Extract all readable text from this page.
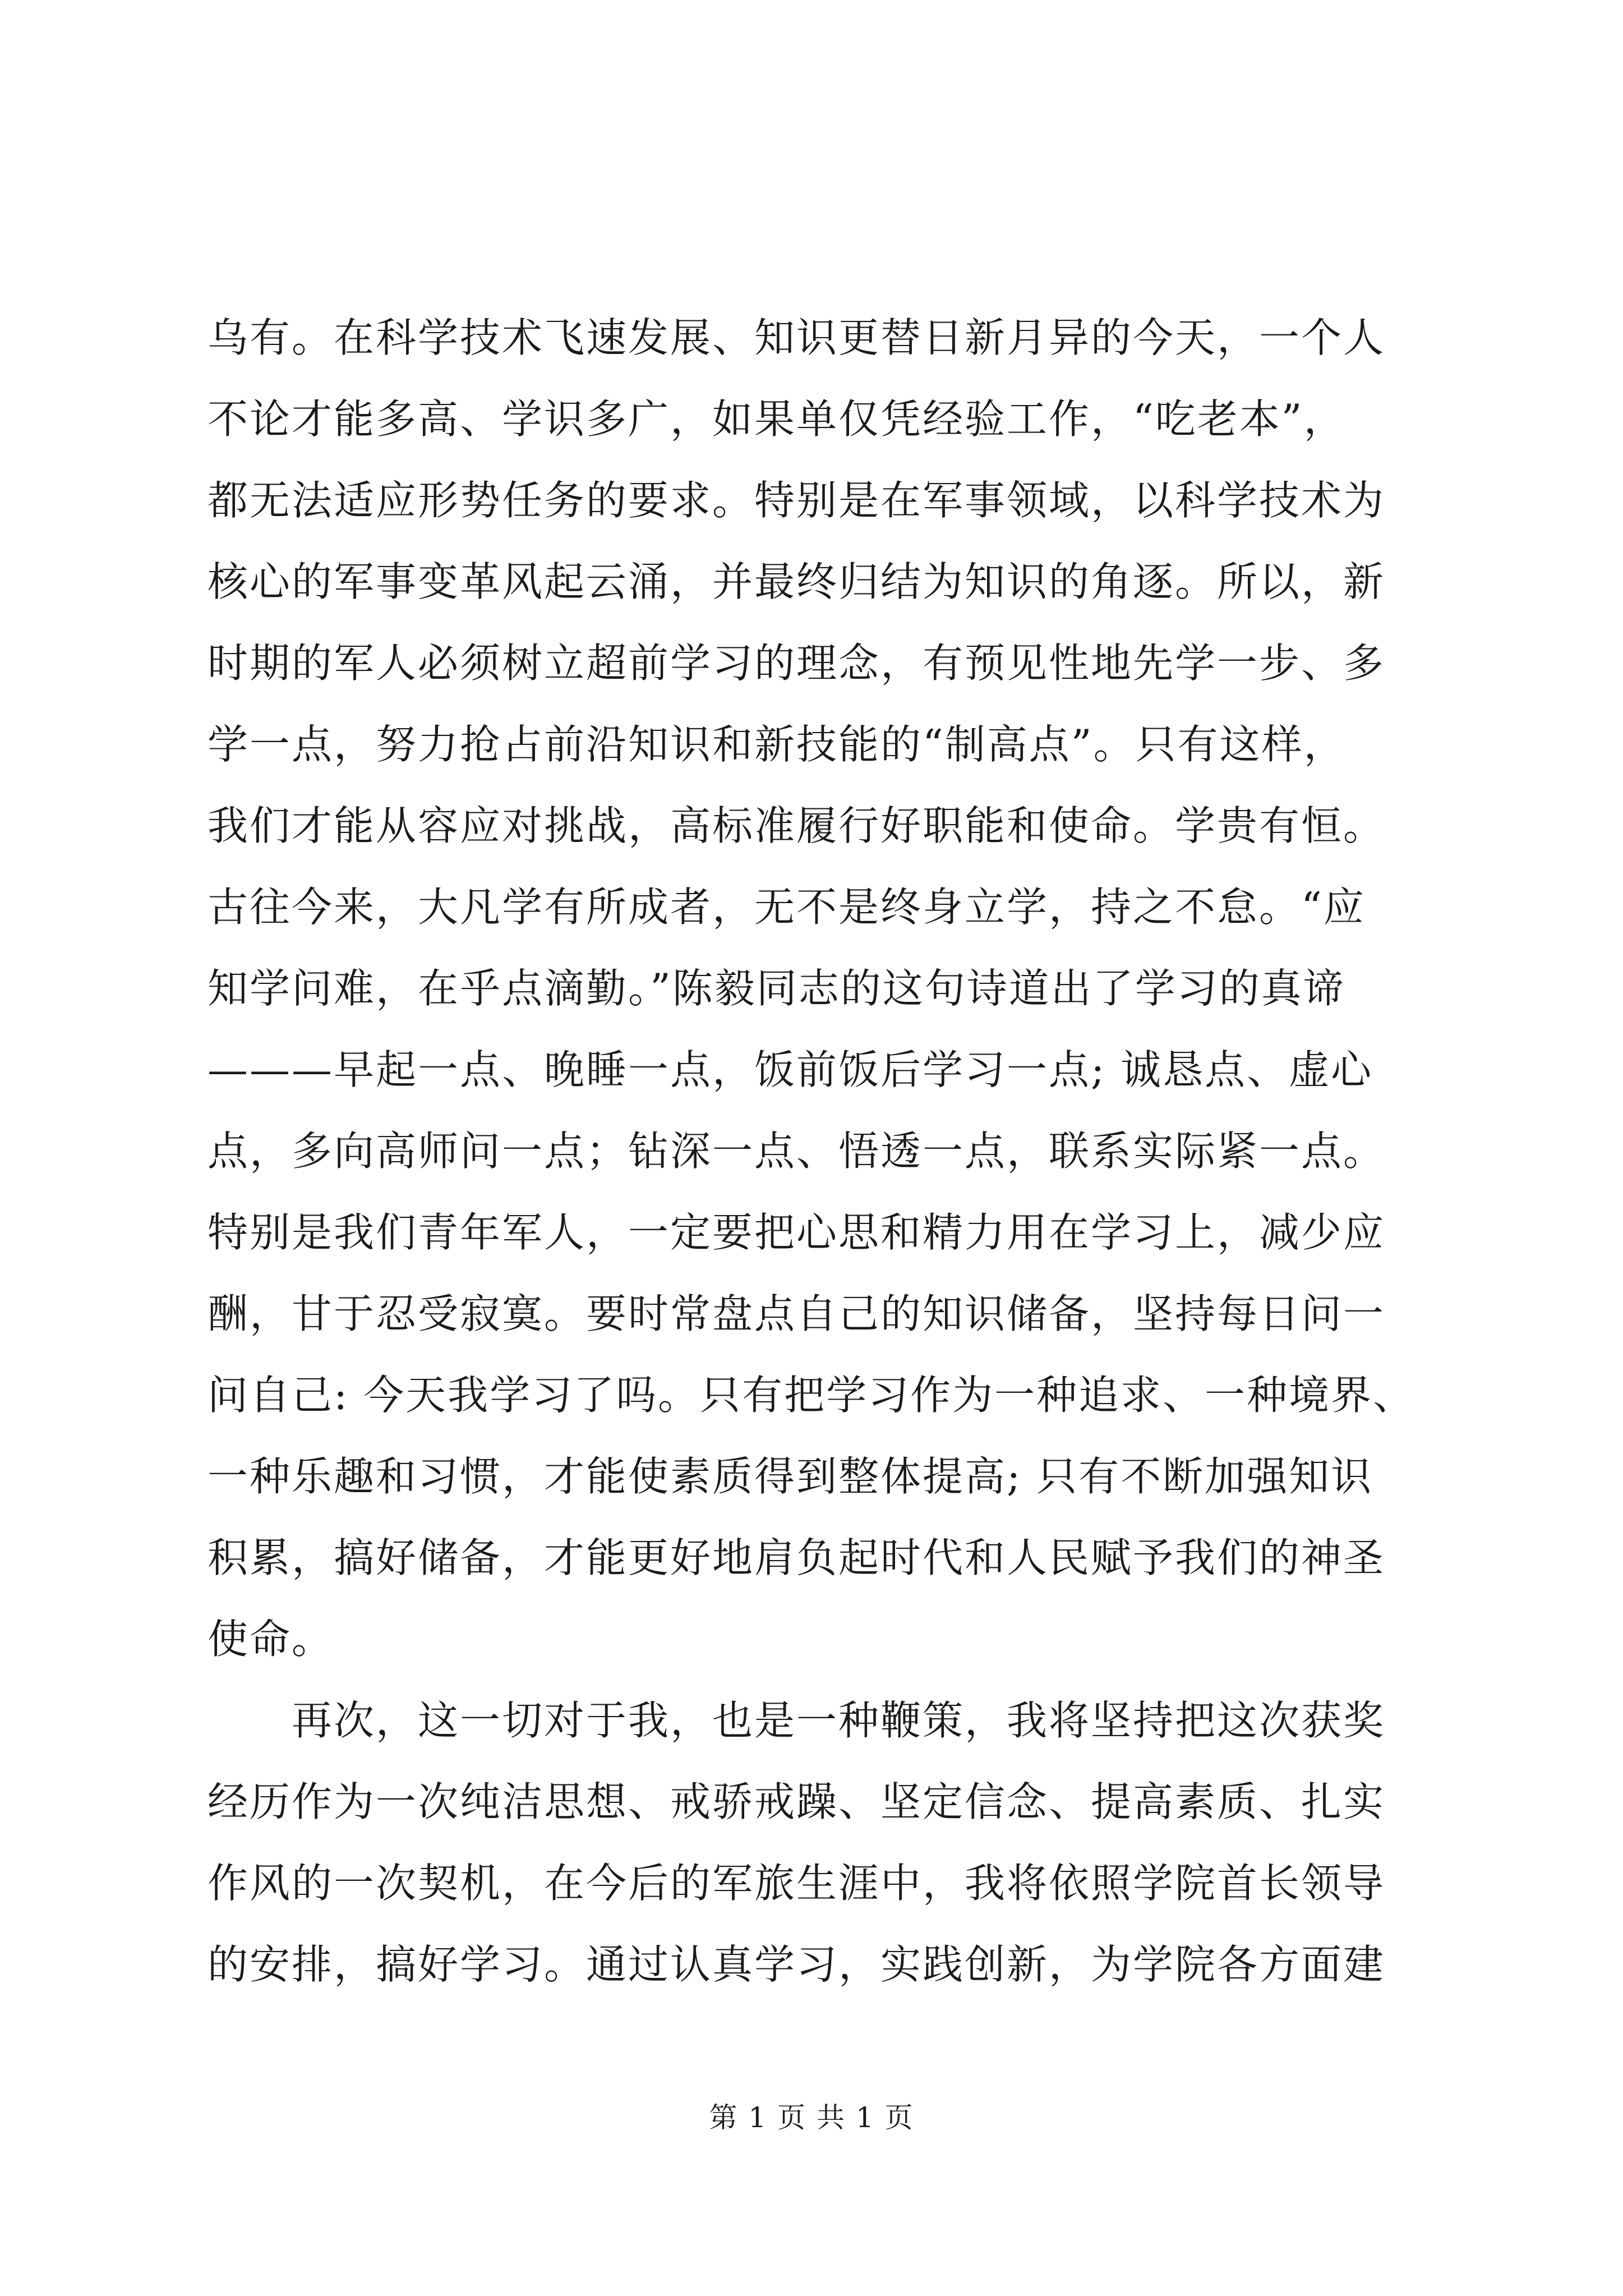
乌有。在科学技术飞速发展、知识更替日新月异的今天，一个人
不论才能多高、学识多广，如果单仅凭经验工作，“吃老本”，
都无法适应形势任务的要求。特别是在军事领域，以科学技术为
核心的军事变革风起云涌，并最终归结为知识的角逐。所以，新
时期的军人必须树立超前学习的理念，有预见性地先学一步、多
学一点，努力抢占前沿知识和新技能的“制高点”。只有这样，
我们才能从容应对挑战，高标准履行好职能和使命。学贵有恒。
古往今来，大凡学有所成者，无不是终身立学，持之不怠。“应
知学问难，在乎点滴勤。”陈毅同志的这句诗道出了学习的真谛
———早起一点、晚睡一点，饭前饭后学习一点; 诚恳点、虚心
点，多向高师问一点；钻深一点、悟透一点，联系实际紧一点。
特别是我们青年军人，一定要把心思和精力用在学习上，减少应
酬，甘于忍受寂寞。要时常盘点自己的知识储备，坚持每日问一
问自己: 今天我学习了吗。只有把学习作为一种追求、一种境界、
一种乐趣和习惯，才能使素质得到整体提高; 只有不断加强知识
积累，搞好储备，才能更好地肩负起时代和人民赋予我们的神圣
使命。
再次，这一切对于我，也是一种鞭策，我将坚持把这次获奖
经历作为一次纯洁思想、戒骄戒躁、坚定信念、提高素质、扎实
作风的一次契机，在今后的军旅生涯中，我将依照学院首长领导
的安排，搞好学习。通过认真学习，实践创新，为学院各方面建
第 1 页 共 1 页
